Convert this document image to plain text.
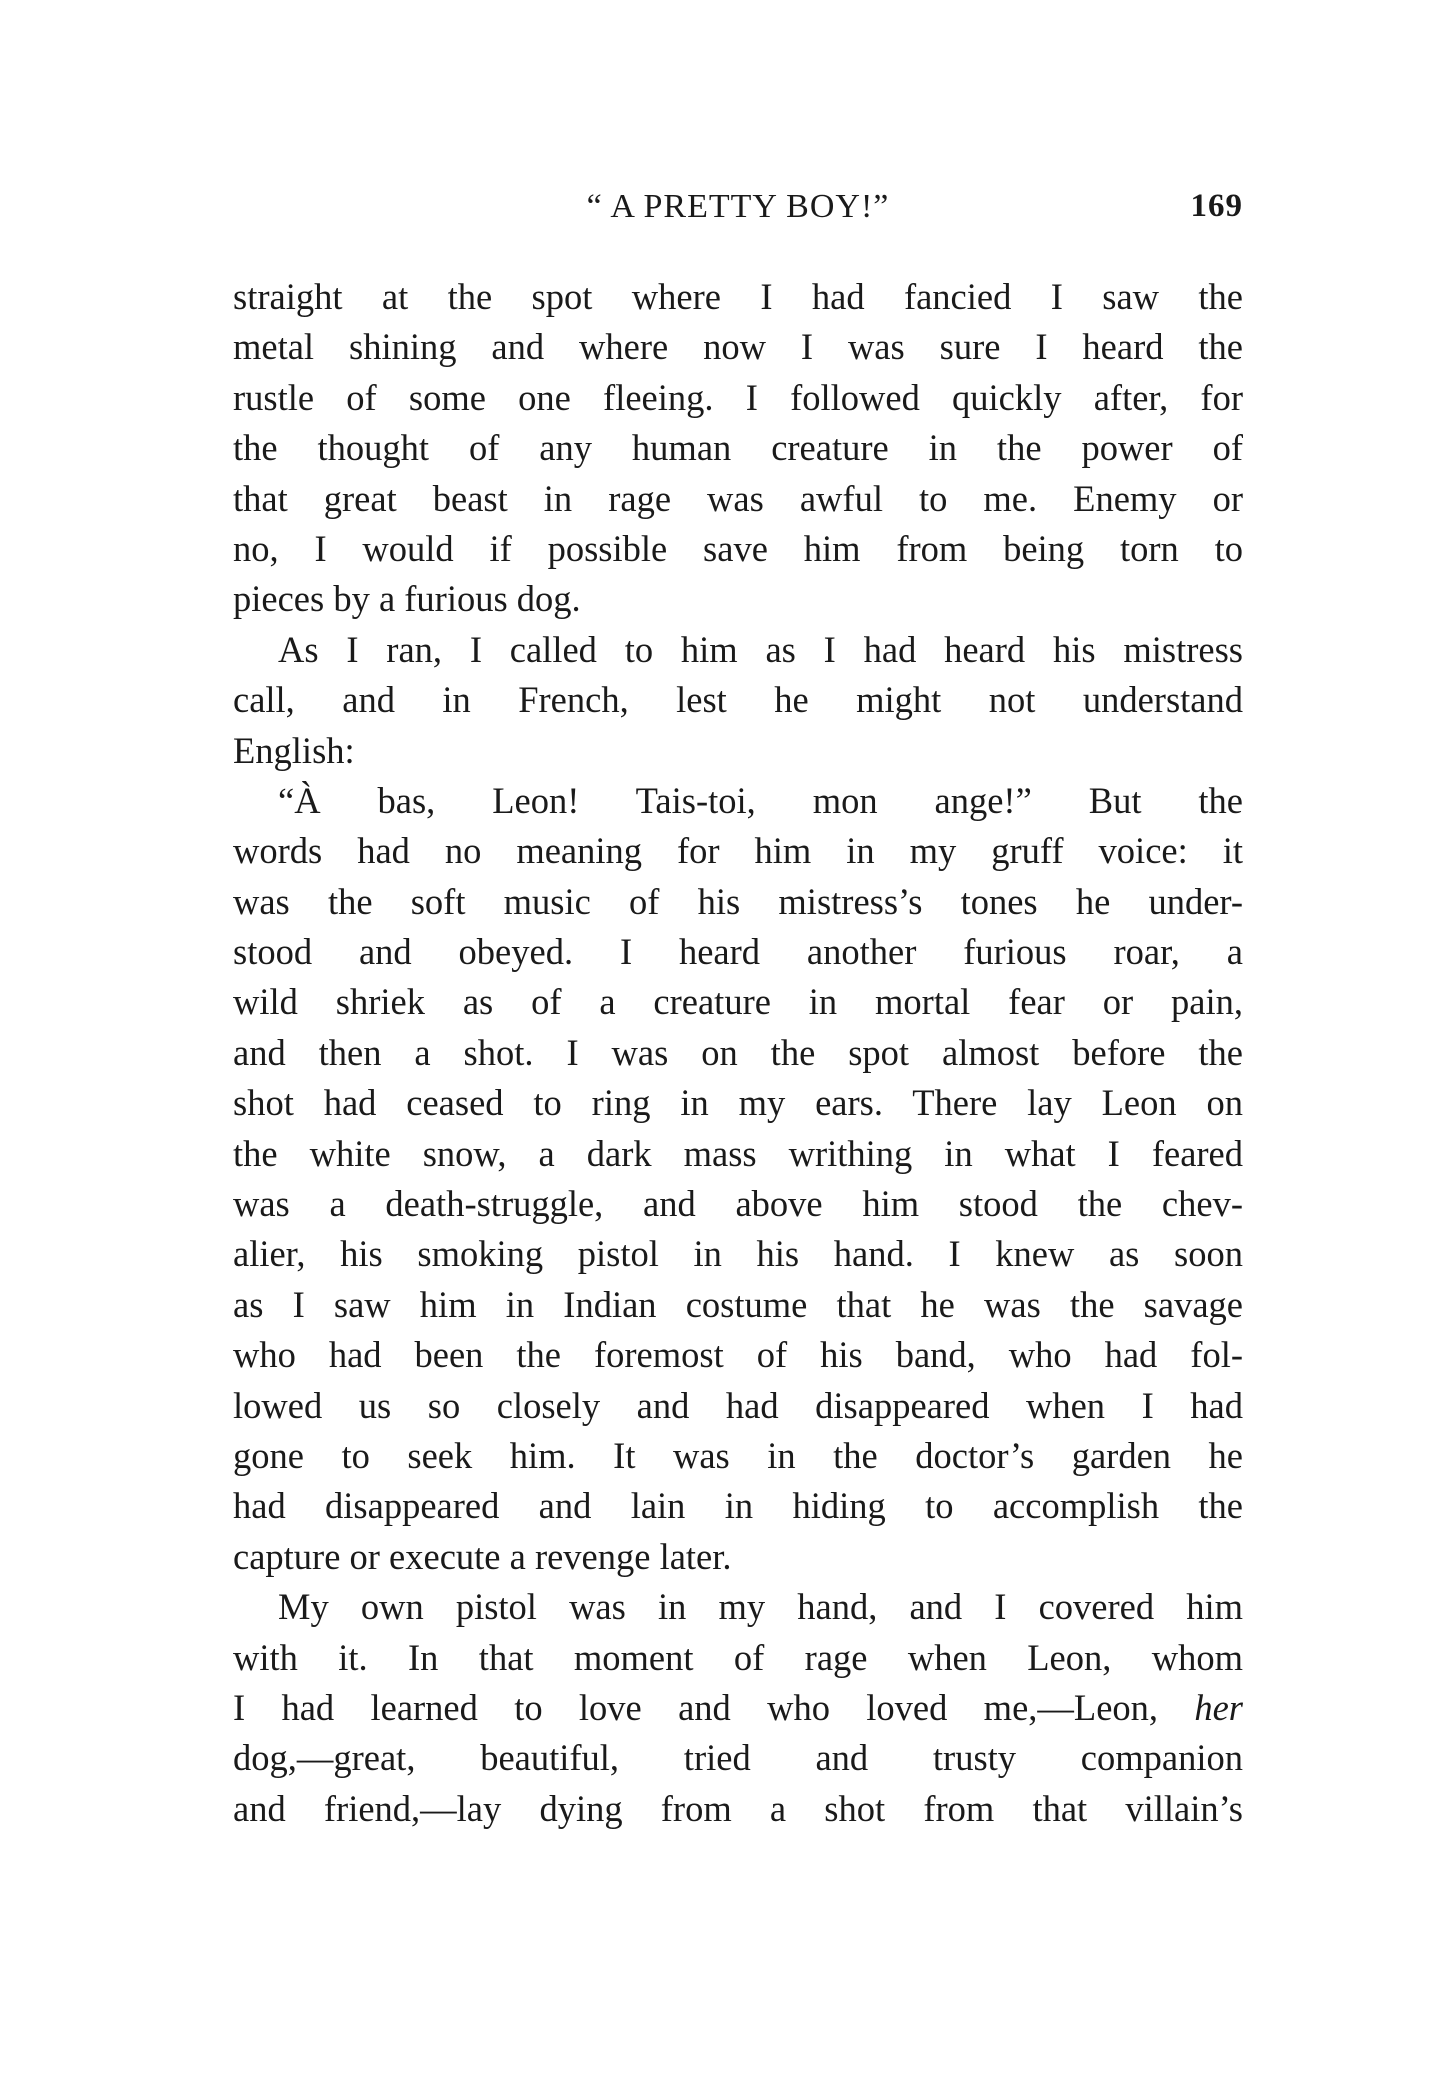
“ A PRETTY BOY!”	169
straight at the spot where I had fancied I saw the
metal shining and where now I was sure I heard the
rustle of some one fleeing. I followed quickly after, for
the thought of any human creature in the power of
that great beast in rage was awful to me. Enemy or
no, I would if possible save him from being torn to
pieces by a furious dog.
As I ran, I called to him as I had heard his mistress
call, and in French, lest he might not understand
English:
“À bas, Leon! Tais-toi, mon ange!” But the
words had no meaning for him in my gruff voice: it
was the soft music of his mistress’s tones he under-
stood and obeyed. I heard another furious roar, a
wild shriek as of a creature in mortal fear or pain,
and then a shot. I was on the spot almost before the
shot had ceased to ring in my ears. There lay Leon on
the white snow, a dark mass writhing in what I feared
was a death-struggle, and above him stood the chev-
alier, his smoking pistol in his hand. I knew as soon
as I saw him in Indian costume that he was the savage
who had been the foremost of his band, who had fol-
lowed us so closely and had disappeared when I had
gone to seek him. It was in the doctor’s garden he
had disappeared and lain in hiding to accomplish the
capture or execute a revenge later.
My own pistol was in my hand, and I covered him
with it. In that moment of rage when Leon, whom
I had learned to love and who loved me,—Leon, her
dog,—great, beautiful, tried and trusty companion
and friend,—lay dying from a shot from that villain’s
